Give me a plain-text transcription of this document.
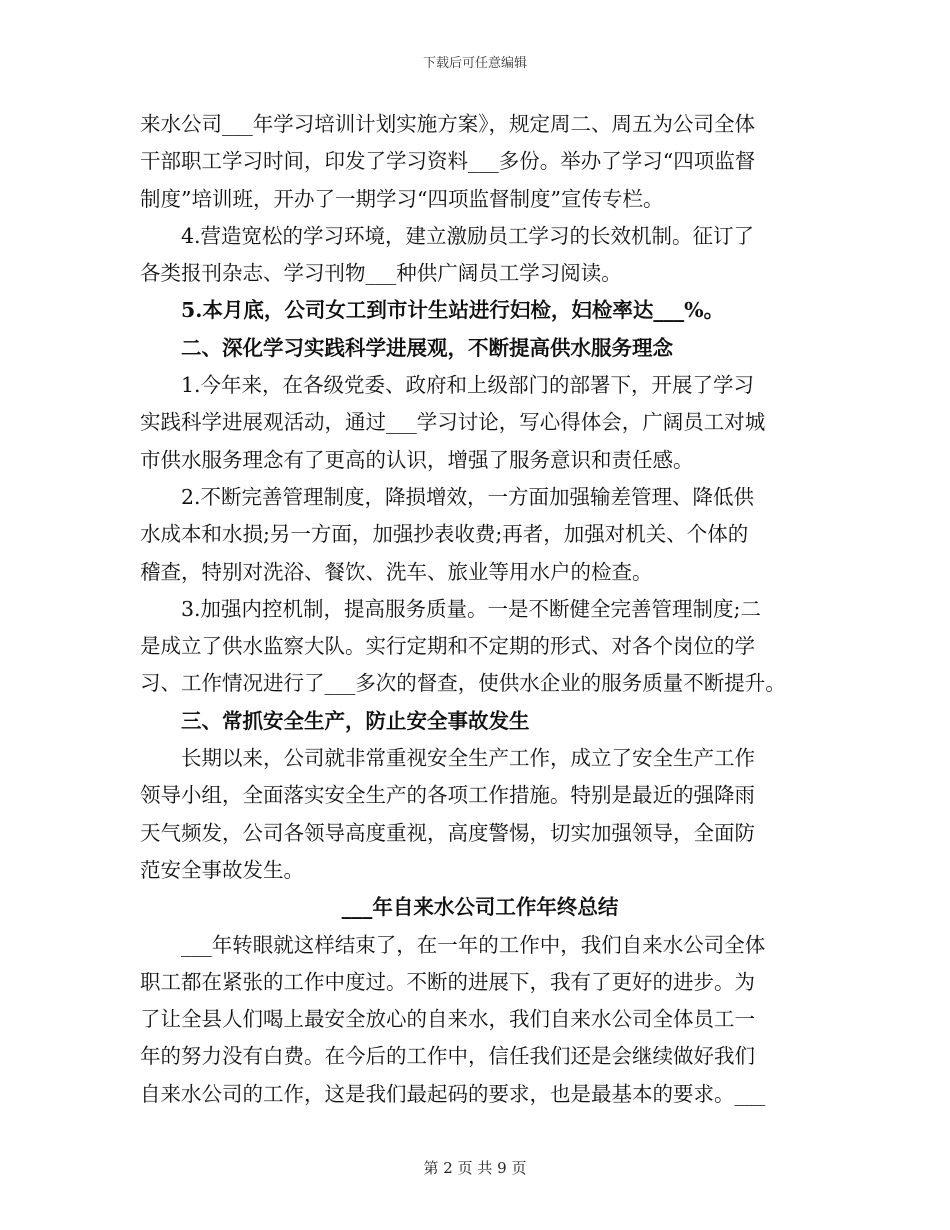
下载后可任意编辑
来水公司___年学习培训计划实施方案》，规定周二、周五为公司全体
干部职工学习时间，印发了学习资料___多份。举办了学习“四项监督
制度”培训班，开办了一期学习“四项监督制度”宣传专栏。
4.营造宽松的学习环境，建立激励员工学习的长效机制。征订了
各类报刊杂志、学习刊物___种供广阔员工学习阅读。
5.本月底，公司女工到市计生站进行妇检，妇检率达___%。
二、深化学习实践科学进展观，不断提高供水服务理念
1.今年来，在各级党委、政府和上级部门的部署下，开展了学习
实践科学进展观活动，通过___学习讨论，写心得体会，广阔员工对城
市供水服务理念有了更高的认识，增强了服务意识和责任感。
2.不断完善管理制度，降损增效，一方面加强输差管理、降低供
水成本和水损;另一方面，加强抄表收费;再者，加强对机关、个体的
稽查，特别对洗浴、餐饮、洗车、旅业等用水户的检查。
3.加强内控机制，提高服务质量。一是不断健全完善管理制度;二
是成立了供水监察大队。实行定期和不定期的形式、对各个岗位的学
习、工作情况进行了___多次的督查，使供水企业的服务质量不断提升。
三、常抓安全生产，防止安全事故发生
长期以来，公司就非常重视安全生产工作，成立了安全生产工作
领导小组，全面落实安全生产的各项工作措施。特别是最近的强降雨
天气频发，公司各领导高度重视，高度警惕，切实加强领导，全面防
范安全事故发生。
___年自来水公司工作年终总结
___年转眼就这样结束了，在一年的工作中，我们自来水公司全体
职工都在紧张的工作中度过。不断的进展下，我有了更好的进步。为
了让全县人们喝上最安全放心的自来水，我们自来水公司全体员工一
年的努力没有白费。在今后的工作中，信任我们还是会继续做好我们
自来水公司的工作，这是我们最起码的要求，也是最基本的要求。___
第 2 页 共 9 页
